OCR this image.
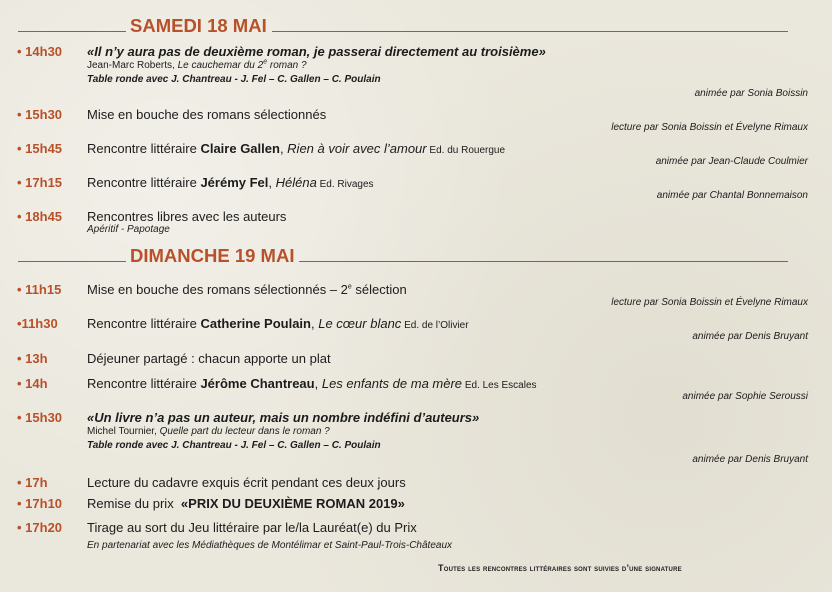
SAMEDI 18 MAI
• 14h30 «Il n’y aura pas de deuxième roman, je passerai directement au troisième»
Jean-Marc Roberts, Le cauchemar du 2e roman ?
Table ronde avec J. Chantreau - J. Fel – C. Gallen – C. Poulain
animée par Sonia Boissin
• 15h30 Mise en bouche des romans sélectionnés
lecture par Sonia Boissin et Évelyne Rimaux
• 15h45 Rencontre littéraire Claire Gallen, Rien à voir avec l’amour Ed. du Rouergue
animée par Jean-Claude Coulmier
• 17h15 Rencontre littéraire Jérémy Fel, Héléna Ed. Rivages
animée par Chantal Bonnemaison
• 18h45 Rencontres libres avec les auteurs
Apéritif - Papotage
DIMANCHE 19 MAI
• 11h15 Mise en bouche des romans sélectionnés – 2e sélection
lecture par Sonia Boissin et Évelyne Rimaux
•11h30 Rencontre littéraire Catherine Poulain, Le cœur blanc Ed. de l’Olivier
animée par Denis Bruyant
• 13h	Déjeuner partagé : chacun apporte un plat
• 14h	Rencontre littéraire Jérôme Chantreau, Les enfants de ma mère Ed. Les Escales
animée par Sophie Seroussi
• 15h30 «Un livre n’a pas un auteur, mais un nombre indéfini d’auteurs»
Michel Tournier, Quelle part du lecteur dans le roman ?
Table ronde avec J. Chantreau - J. Fel – C. Gallen – C. Poulain
animée par Denis Bruyant
• 17h	Lecture du cadavre exquis écrit pendant ces deux jours
• 17h10 Remise du prix  «PRIX DU DEUXIÈME ROMAN 2019»
• 17h20 Tirage au sort du Jeu littéraire par le/la Lauréat(e) du Prix
En partenariat avec les Médiathèques de Montélimar et Saint-Paul-Trois-Châteaux
Toutes les rencontres littéraires sont suivies d’une signature
